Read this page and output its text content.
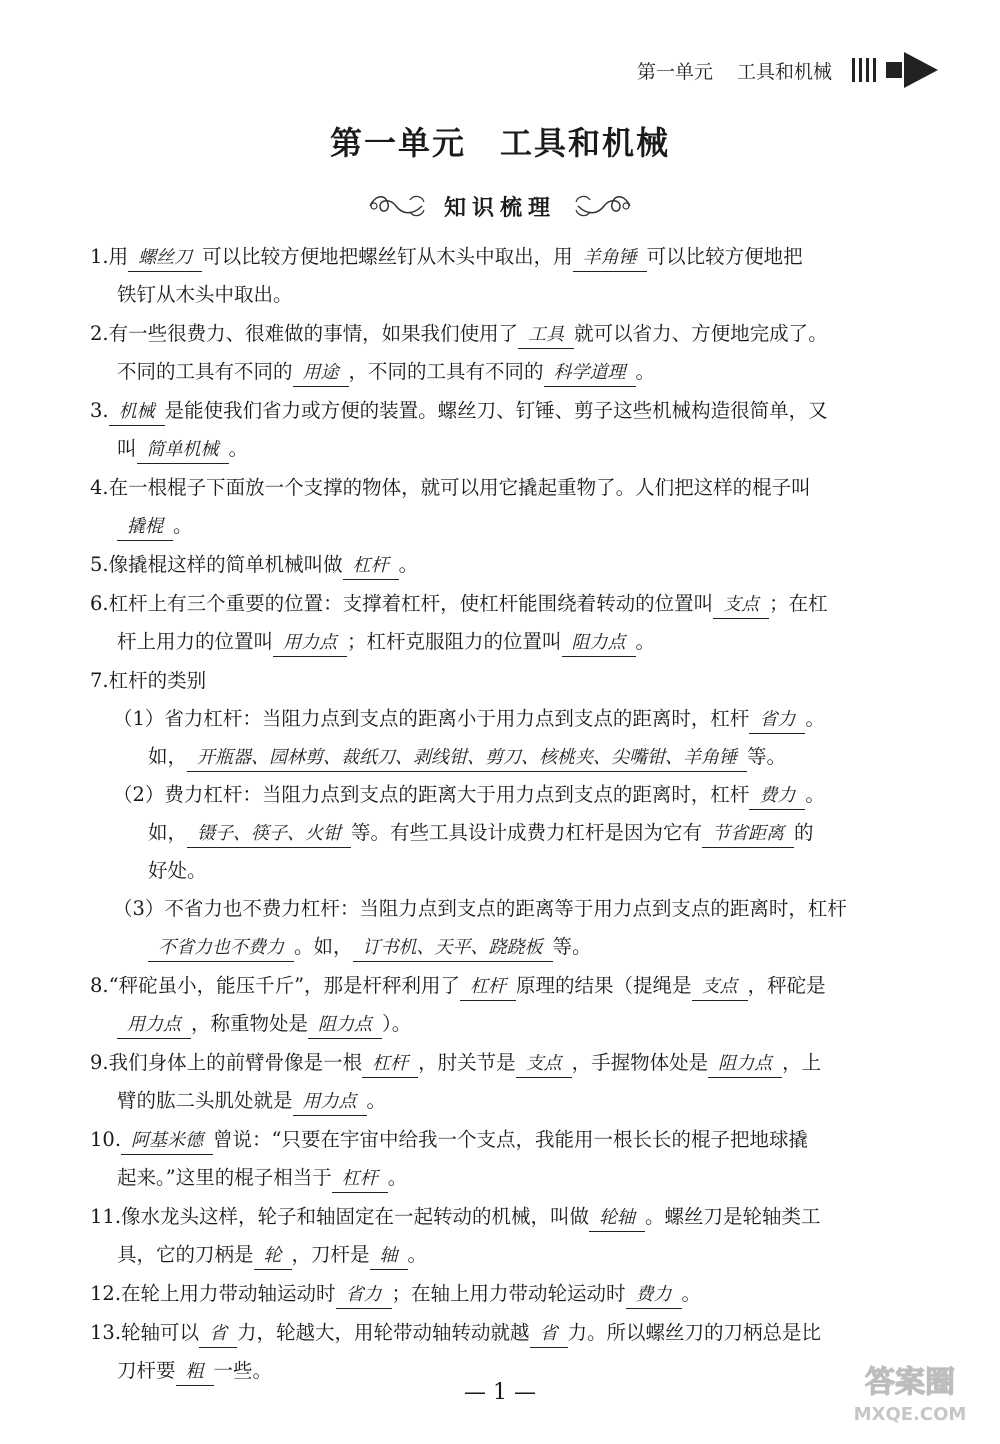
第一单元 工具和机械
第一单元　工具和机械
知识梳理
1.用 螺丝刀 可以比较方便地把螺丝钉从木头中取出，用 羊角锤 可以比较方便地把
铁钉从木头中取出。
2.有一些很费力、很难做的事情，如果我们使用了 工具 就可以省力、方便地完成了。
不同的工具有不同的 用途 ，不同的工具有不同的 科学道理 。
3. 机械 是能使我们省力或方便的装置。螺丝刀、钉锤、剪子这些机械构造很简单，又
叫 简单机械 。
4.在一根棍子下面放一个支撑的物体，就可以用它撬起重物了。人们把这样的棍子叫
撬棍 。
5.像撬棍这样的简单机械叫做 杠杆 。
6.杠杆上有三个重要的位置：支撑着杠杆，使杠杆能围绕着转动的位置叫 支点 ；在杠
杆上用力的位置叫 用力点 ；杠杆克服阻力的位置叫 阻力点 。
7.杠杆的类别
（1）省力杠杆：当阻力点到支点的距离小于用力点到支点的距离时，杠杆 省力 。
如， 开瓶器、园林剪、裁纸刀、剥线钳、剪刀、核桃夹、尖嘴钳、羊角锤 等。
（2）费力杠杆：当阻力点到支点的距离大于用力点到支点的距离时，杠杆 费力 。
如， 镊子、筷子、火钳 等。有些工具设计成费力杠杆是因为它有 节省距离 的
好处。
（3）不省力也不费力杠杆：当阻力点到支点的距离等于用力点到支点的距离时，杠杆
不省力也不费力 。如， 订书机、天平、跷跷板 等。
8.“秤砣虽小，能压千斤”，那是杆秤利用了 杠杆 原理的结果（提绳是 支点 ，秤砣是
用力点 ，称重物处是 阻力点 ）。
9.我们身体上的前臂骨像是一根 杠杆 ，肘关节是 支点 ，手握物体处是 阻力点 ，上
臂的肱二头肌处就是 用力点 。
10. 阿基米德 曾说：“只要在宇宙中给我一个支点，我能用一根长长的棍子把地球撬
起来。”这里的棍子相当于 杠杆 。
11.像水龙头这样，轮子和轴固定在一起转动的机械，叫做 轮轴 。螺丝刀是轮轴类工
具，它的刀柄是 轮 ，刀杆是 轴 。
12.在轮上用力带动轴运动时 省力 ；在轴上用力带动轮运动时 费力 。
13.轮轴可以 省 力，轮越大，用轮带动轴转动就越 省 力。所以螺丝刀的刀柄总是比
刀杆要 粗 一些。
— 1 —	答案圈
MXQE.COM
